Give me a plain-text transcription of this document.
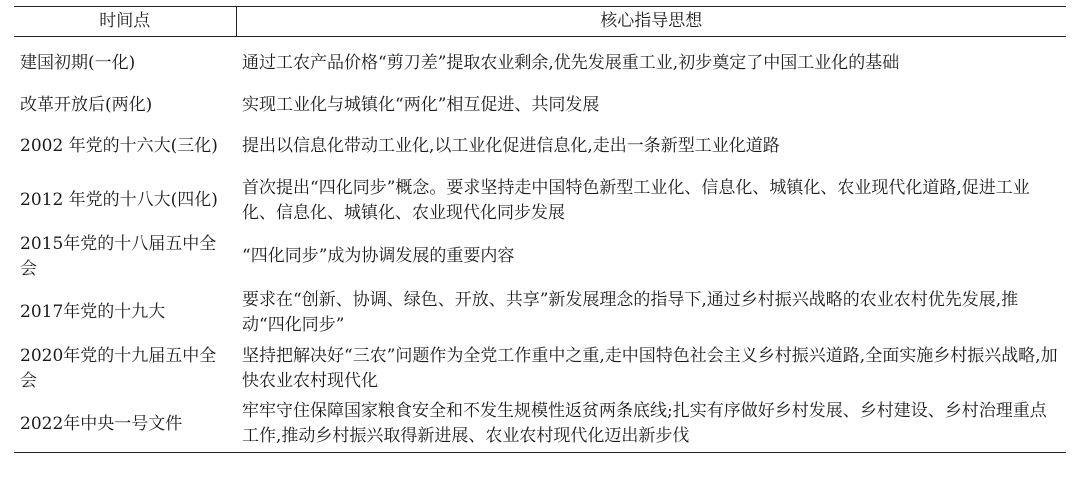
时间点	核心指导思想
建国初期(一化)	通过工农产品价格“剪刀差”提取农业剩余,优先发展重工业,初步奠定了中国工业化的基础
改革开放后(两化)	实现工业化与城镇化“两化”相互促进、共同发展
2002 年党的十六大(三化)	提出以信息化带动工业化,以工业化促进信息化,走出一条新型工业化道路
2012 年党的十八大(四化)	首次提出“四化同步”概念。要求坚持走中国特色新型工业化、信息化、城镇化、农业现代化道路,促进工业化、信息化、城镇化、农业现代化同步发展
2015年党的十八届五中全会	“四化同步”成为协调发展的重要内容
2017年党的十九大	要求在“创新、协调、绿色、开放、共享”新发展理念的指导下,通过乡村振兴战略的农业农村优先发展,推动“四化同步”
2020年党的十九届五中全会	坚持把解决好“三农”问题作为全党工作重中之重,走中国特色社会主义乡村振兴道路,全面实施乡村振兴战略,加快农业农村现代化
2022年中央一号文件	牢牢守住保障国家粮食安全和不发生规模性返贫两条底线;扎实有序做好乡村发展、乡村建设、乡村治理重点工作,推动乡村振兴取得新进展、农业农村现代化迈出新步伐
